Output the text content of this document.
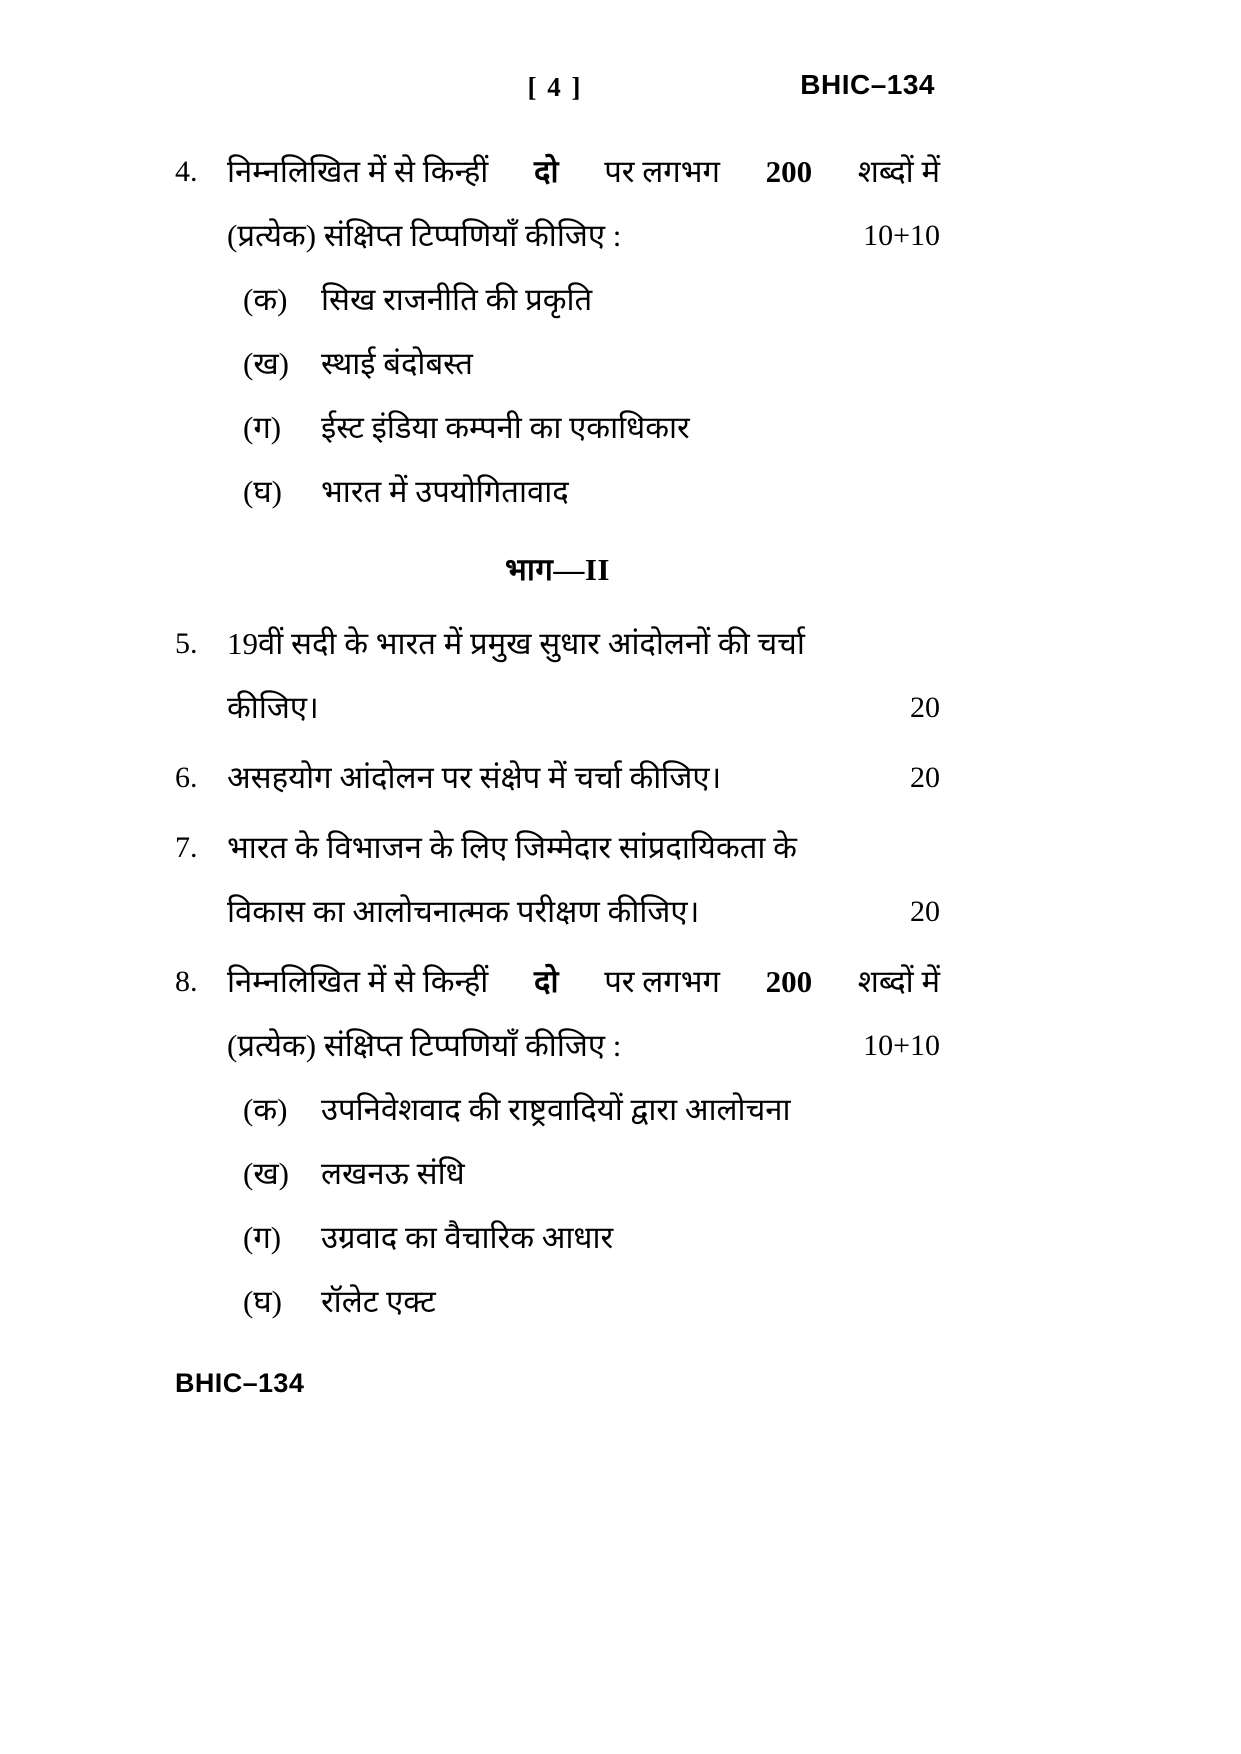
[ 4 ]	BHIC–134
4. निम्नलिखित में से किन्हीं दो पर लगभग 200 शब्दों में
(प्रत्येक) संक्षिप्त टिप्पणियाँ कीजिए :	10+10
(क)	सिख राजनीति की प्रकृति
(ख)	स्थाई बंदोबस्त
(ग)	ईस्ट इंडिया कम्पनी का एकाधिकार
(घ)	भारत में उपयोगितावाद
भाग—II
5. 19वीं सदी के भारत में प्रमुख सुधार आंदोलनों की चर्चा
कीजिए।	20
6. असहयोग आंदोलन पर संक्षेप में चर्चा कीजिए।	20
7. भारत के विभाजन के लिए जिम्मेदार सांप्रदायिकता के
विकास का आलोचनात्मक परीक्षण कीजिए।	20
8. निम्नलिखित में से किन्हीं दो पर लगभग 200 शब्दों में
(प्रत्येक) संक्षिप्त टिप्पणियाँ कीजिए :	10+10
(क)	उपनिवेशवाद की राष्ट्रवादियों द्वारा आलोचना
(ख)	लखनऊ संधि
(ग)	उग्रवाद का वैचारिक आधार
(घ)	रॉलेट एक्ट
BHIC–134
